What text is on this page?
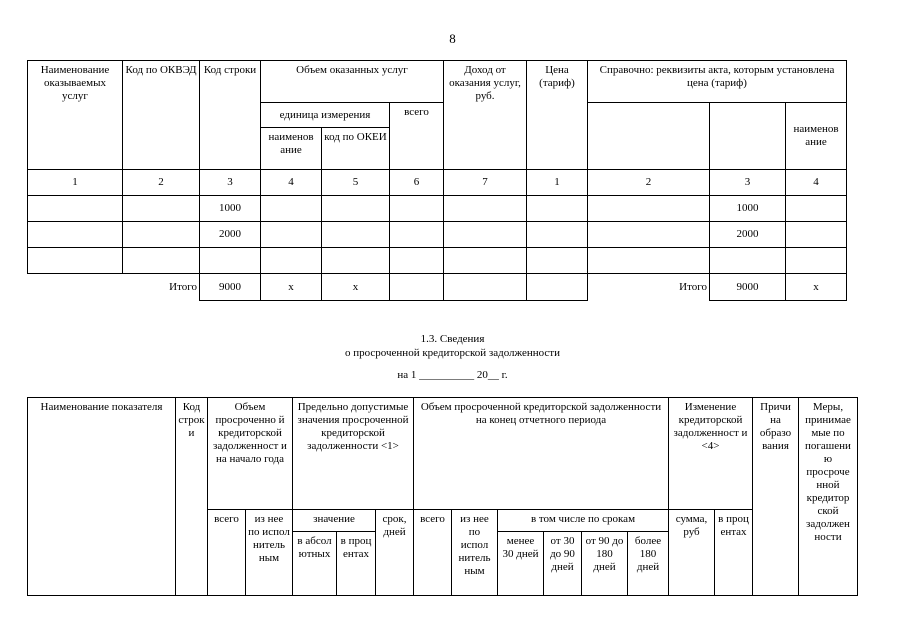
8
Наименование оказываемых услуг	Код по ОКВЭД	Код строки	Объем оказанных услуг			Доход от оказания услуг, руб.	Цена (тариф)	Справочно: реквизиты акта, которым установлена цена (тариф)		
			единица измерения		всего					наименов ание
			наименов ание	код по ОКЕИ						
1	2	3	4	5	6	7	1	2	3	4
		1000							1000	
		2000							2000	

Итого		9000	x	x				Итого	9000	x
1.3. Сведения
о просроченной кредиторской задолженности
на 1 __________ 20__ г.
Наименование показателя	Код строк и	Объем просроченно й кредиторской задолженност и на начало года		Предельно допустимые значения просроченной кредиторской задолженности <1>			Объем просроченной кредиторской задолженности на конец отчетного периода						Изменение кредиторской задолженност и <4>		Причи на образо вания	Меры, принимае мые по погашени ю просроче нной кредитор ской задолжен ности
		всего	из нее по испол нитель ным	значение		срок, дней	всего	из нее по испол нитель ным	в том числе по срокам				сумма, руб	в проц ентах		
				в абсол ютных	в проц ентах				менее 30 дней	от 30 до 90 дней	от 90 до 180 дней	более 180 дней				
